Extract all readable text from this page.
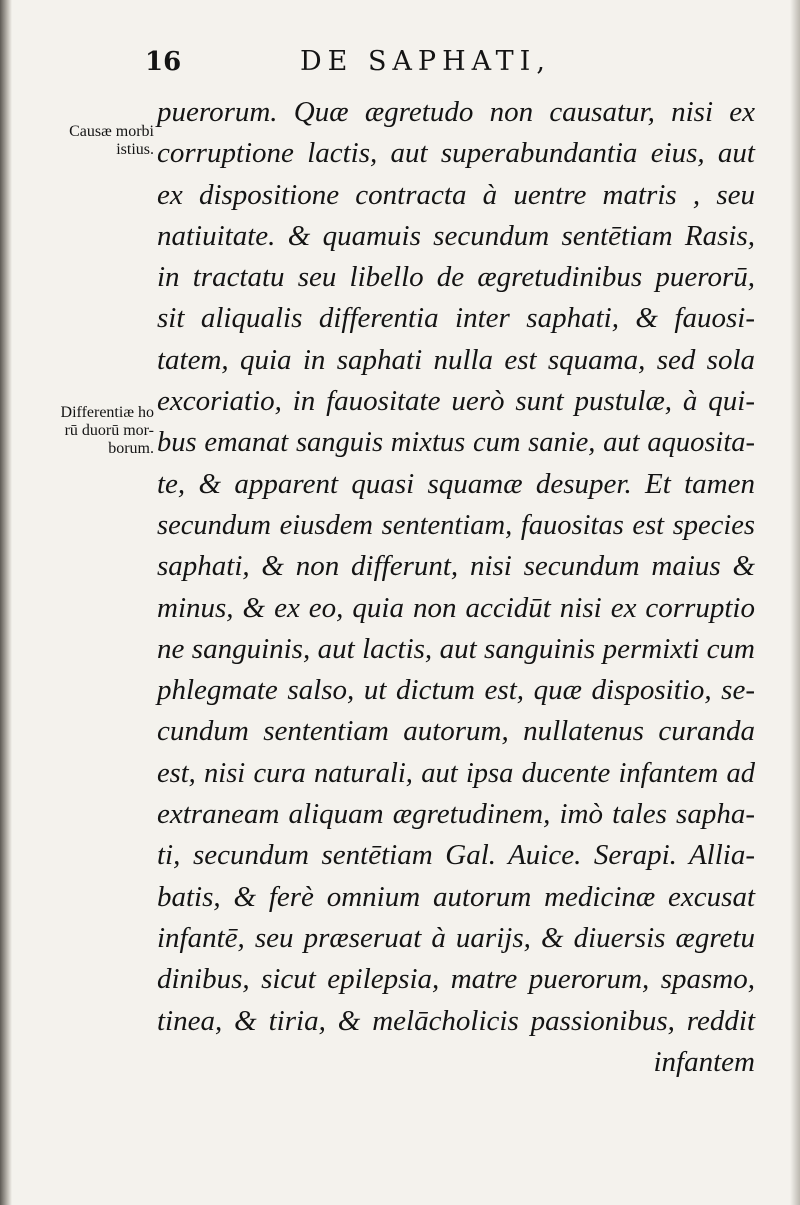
16	DE SAPHATI,
Causæ morbi
istius.
Differentiæ ho
rū duorū mor-
borum.
puerorum. Quæ ægretudo non causatur, nisi ex
corruptione lactis, aut superabundantia eius, aut
ex dispositione contracta à uentre matris , seu
natiuitate. & quamuis secundum sentētiam Rasis,
in tractatu seu libello de ægretudinibus puerorū,
sit aliqualis differentia inter saphati, & fauosi-
tatem, quia in saphati nulla est squama, sed sola
excoriatio, in fauositate uerò sunt pustulæ, à qui-
bus emanat sanguis mixtus cum sanie, aut aquosita-
te, & apparent quasi squamæ desuper. Et tamen
secundum eiusdem sententiam, fauositas est species
saphati, & non differunt, nisi secundum maius &
minus, & ex eo, quia non accidūt nisi ex corruptio
ne sanguinis, aut lactis, aut sanguinis permixti cum
phlegmate salso, ut dictum est, quæ dispositio, se-
cundum sententiam autorum, nullatenus curanda
est, nisi cura naturali, aut ipsa ducente infantem ad
extraneam aliquam ægretudinem, imò tales sapha-
ti, secundum sentētiam Gal. Auice. Serapi. Allia-
batis, & ferè omnium autorum medicinæ excusat
infantē, seu præseruat à uarijs, & diuersis ægretu
dinibus, sicut epilepsia, matre puerorum, spasmo,
tinea, & tiria, & melācholicis passionibus, reddit
infantem
